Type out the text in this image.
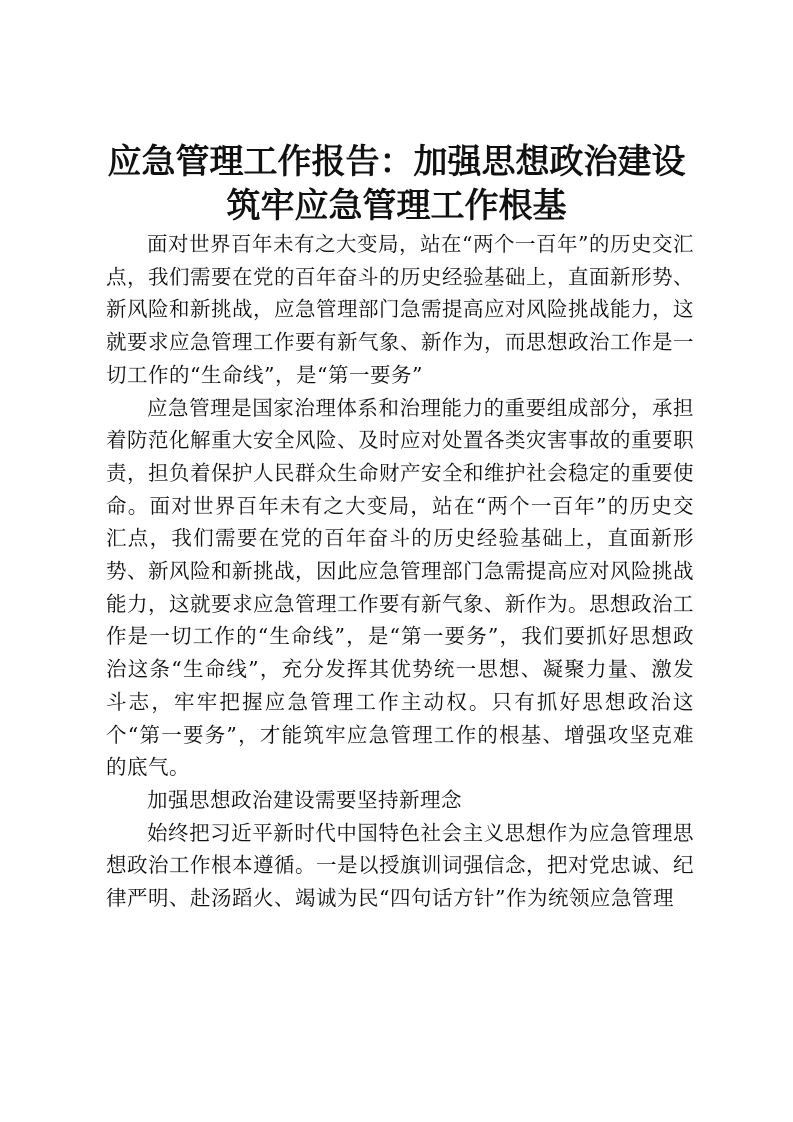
应急管理工作报告：加强思想政治建设筑牢应急管理工作根基

面对世界百年未有之大变局，站在“两个一百年”的历史交汇点，我们需要在党的百年奋斗的历史经验基础上，直面新形势、新风险和新挑战，应急管理部门急需提高应对风险挑战能力，这就要求应急管理工作要有新气象、新作为，而思想政治工作是一切工作的“生命线”，是“第一要务”

应急管理是国家治理体系和治理能力的重要组成部分，承担着防范化解重大安全风险、及时应对处置各类灾害事故的重要职责，担负着保护人民群众生命财产安全和维护社会稳定的重要使命。面对世界百年未有之大变局，站在“两个一百年”的历史交汇点，我们需要在党的百年奋斗的历史经验基础上，直面新形势、新风险和新挑战，因此应急管理部门急需提高应对风险挑战能力，这就要求应急管理工作要有新气象、新作为。思想政治工作是一切工作的“生命线”，是“第一要务”，我们要抓好思想政治这条“生命线”，充分发挥其优势统一思想、凝聚力量、激发斗志，牢牢把握应急管理工作主动权。只有抓好思想政治这个“第一要务”，才能筑牢应急管理工作的根基、增强攻坚克难的底气。

加强思想政治建设需要坚持新理念

始终把习近平新时代中国特色社会主义思想作为应急管理思想政治工作根本遵循。一是以授旗训词强信念，把对党忠诚、纪律严明、赴汤蹈火、竭诚为民“四句话方针”作为统领应急管理
